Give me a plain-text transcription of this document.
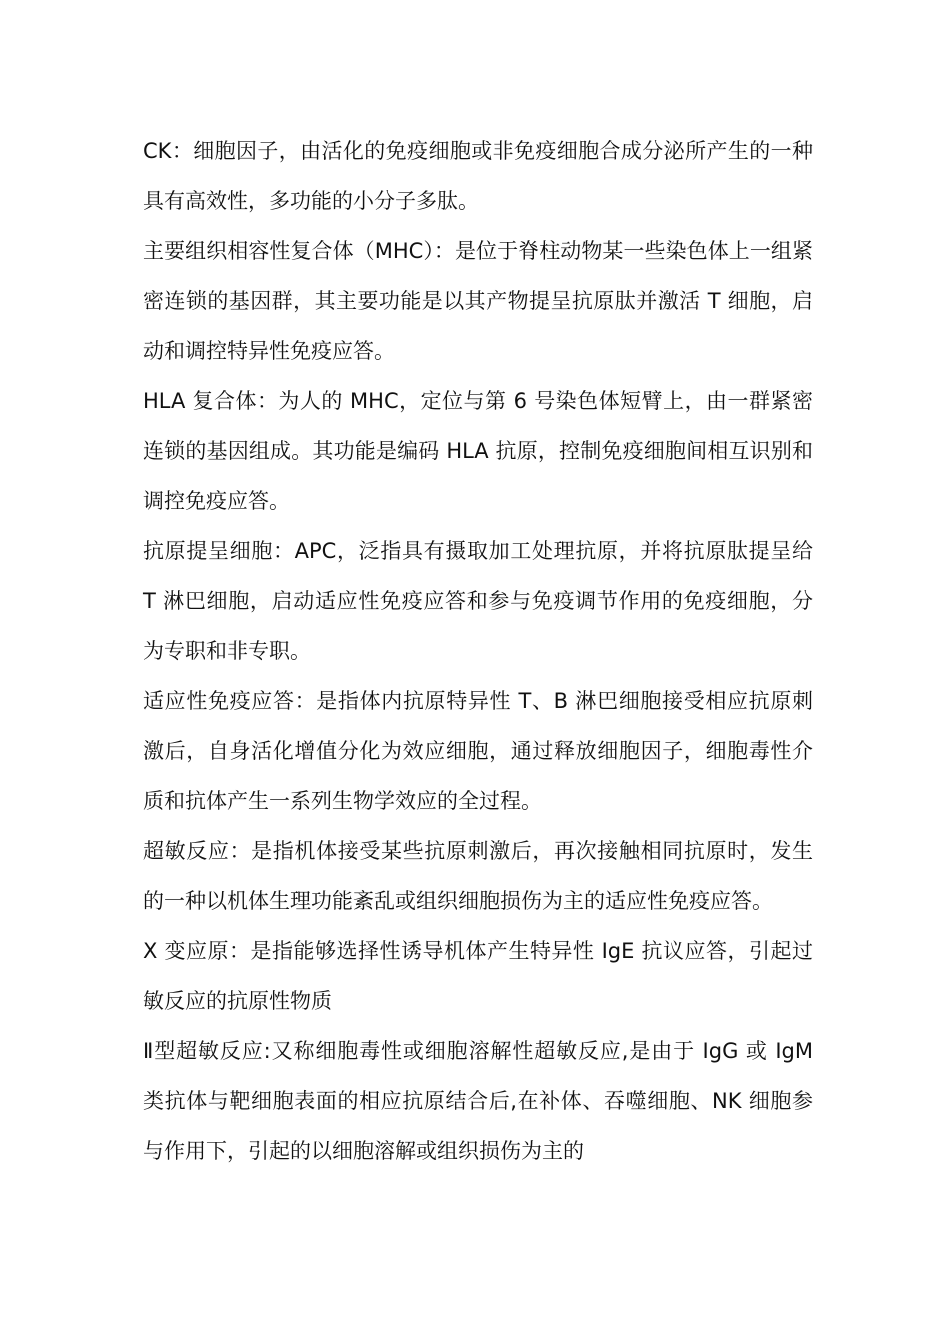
CK：细胞因子，由活化的免疫细胞或非免疫细胞合成分泌所产生的一种具有高效性，多功能的小分子多肽。

主要组织相容性复合体（MHC）：是位于脊柱动物某一些染色体上一组紧密连锁的基因群，其主要功能是以其产物提呈抗原肽并激活 T 细胞，启动和调控特异性免疫应答。

HLA 复合体：为人的 MHC，定位与第 6 号染色体短臂上，由一群紧密连锁的基因组成。其功能是编码 HLA 抗原，控制免疫细胞间相互识别和调控免疫应答。

抗原提呈细胞：APC，泛指具有摄取加工处理抗原，并将抗原肽提呈给 T 淋巴细胞，启动适应性免疫应答和参与免疫调节作用的免疫细胞，分为专职和非专职。

适应性免疫应答：是指体内抗原特异性 T、B 淋巴细胞接受相应抗原刺激后，自身活化增值分化为效应细胞，通过释放细胞因子，细胞毒性介质和抗体产生一系列生物学效应的全过程。

超敏反应：是指机体接受某些抗原刺激后，再次接触相同抗原时，发生的一种以机体生理功能紊乱或组织细胞损伤为主的适应性免疫应答。

X 变应原：是指能够选择性诱导机体产生特异性 IgE 抗议应答，引起过敏反应的抗原性物质

Ⅱ型超敏反应:又称细胞毒性或细胞溶解性超敏反应,是由于 IgG 或 IgM 类抗体与靶细胞表面的相应抗原结合后,在补体、吞噬细胞、NK 细胞参与作用下，引起的以细胞溶解或组织损伤为主的
